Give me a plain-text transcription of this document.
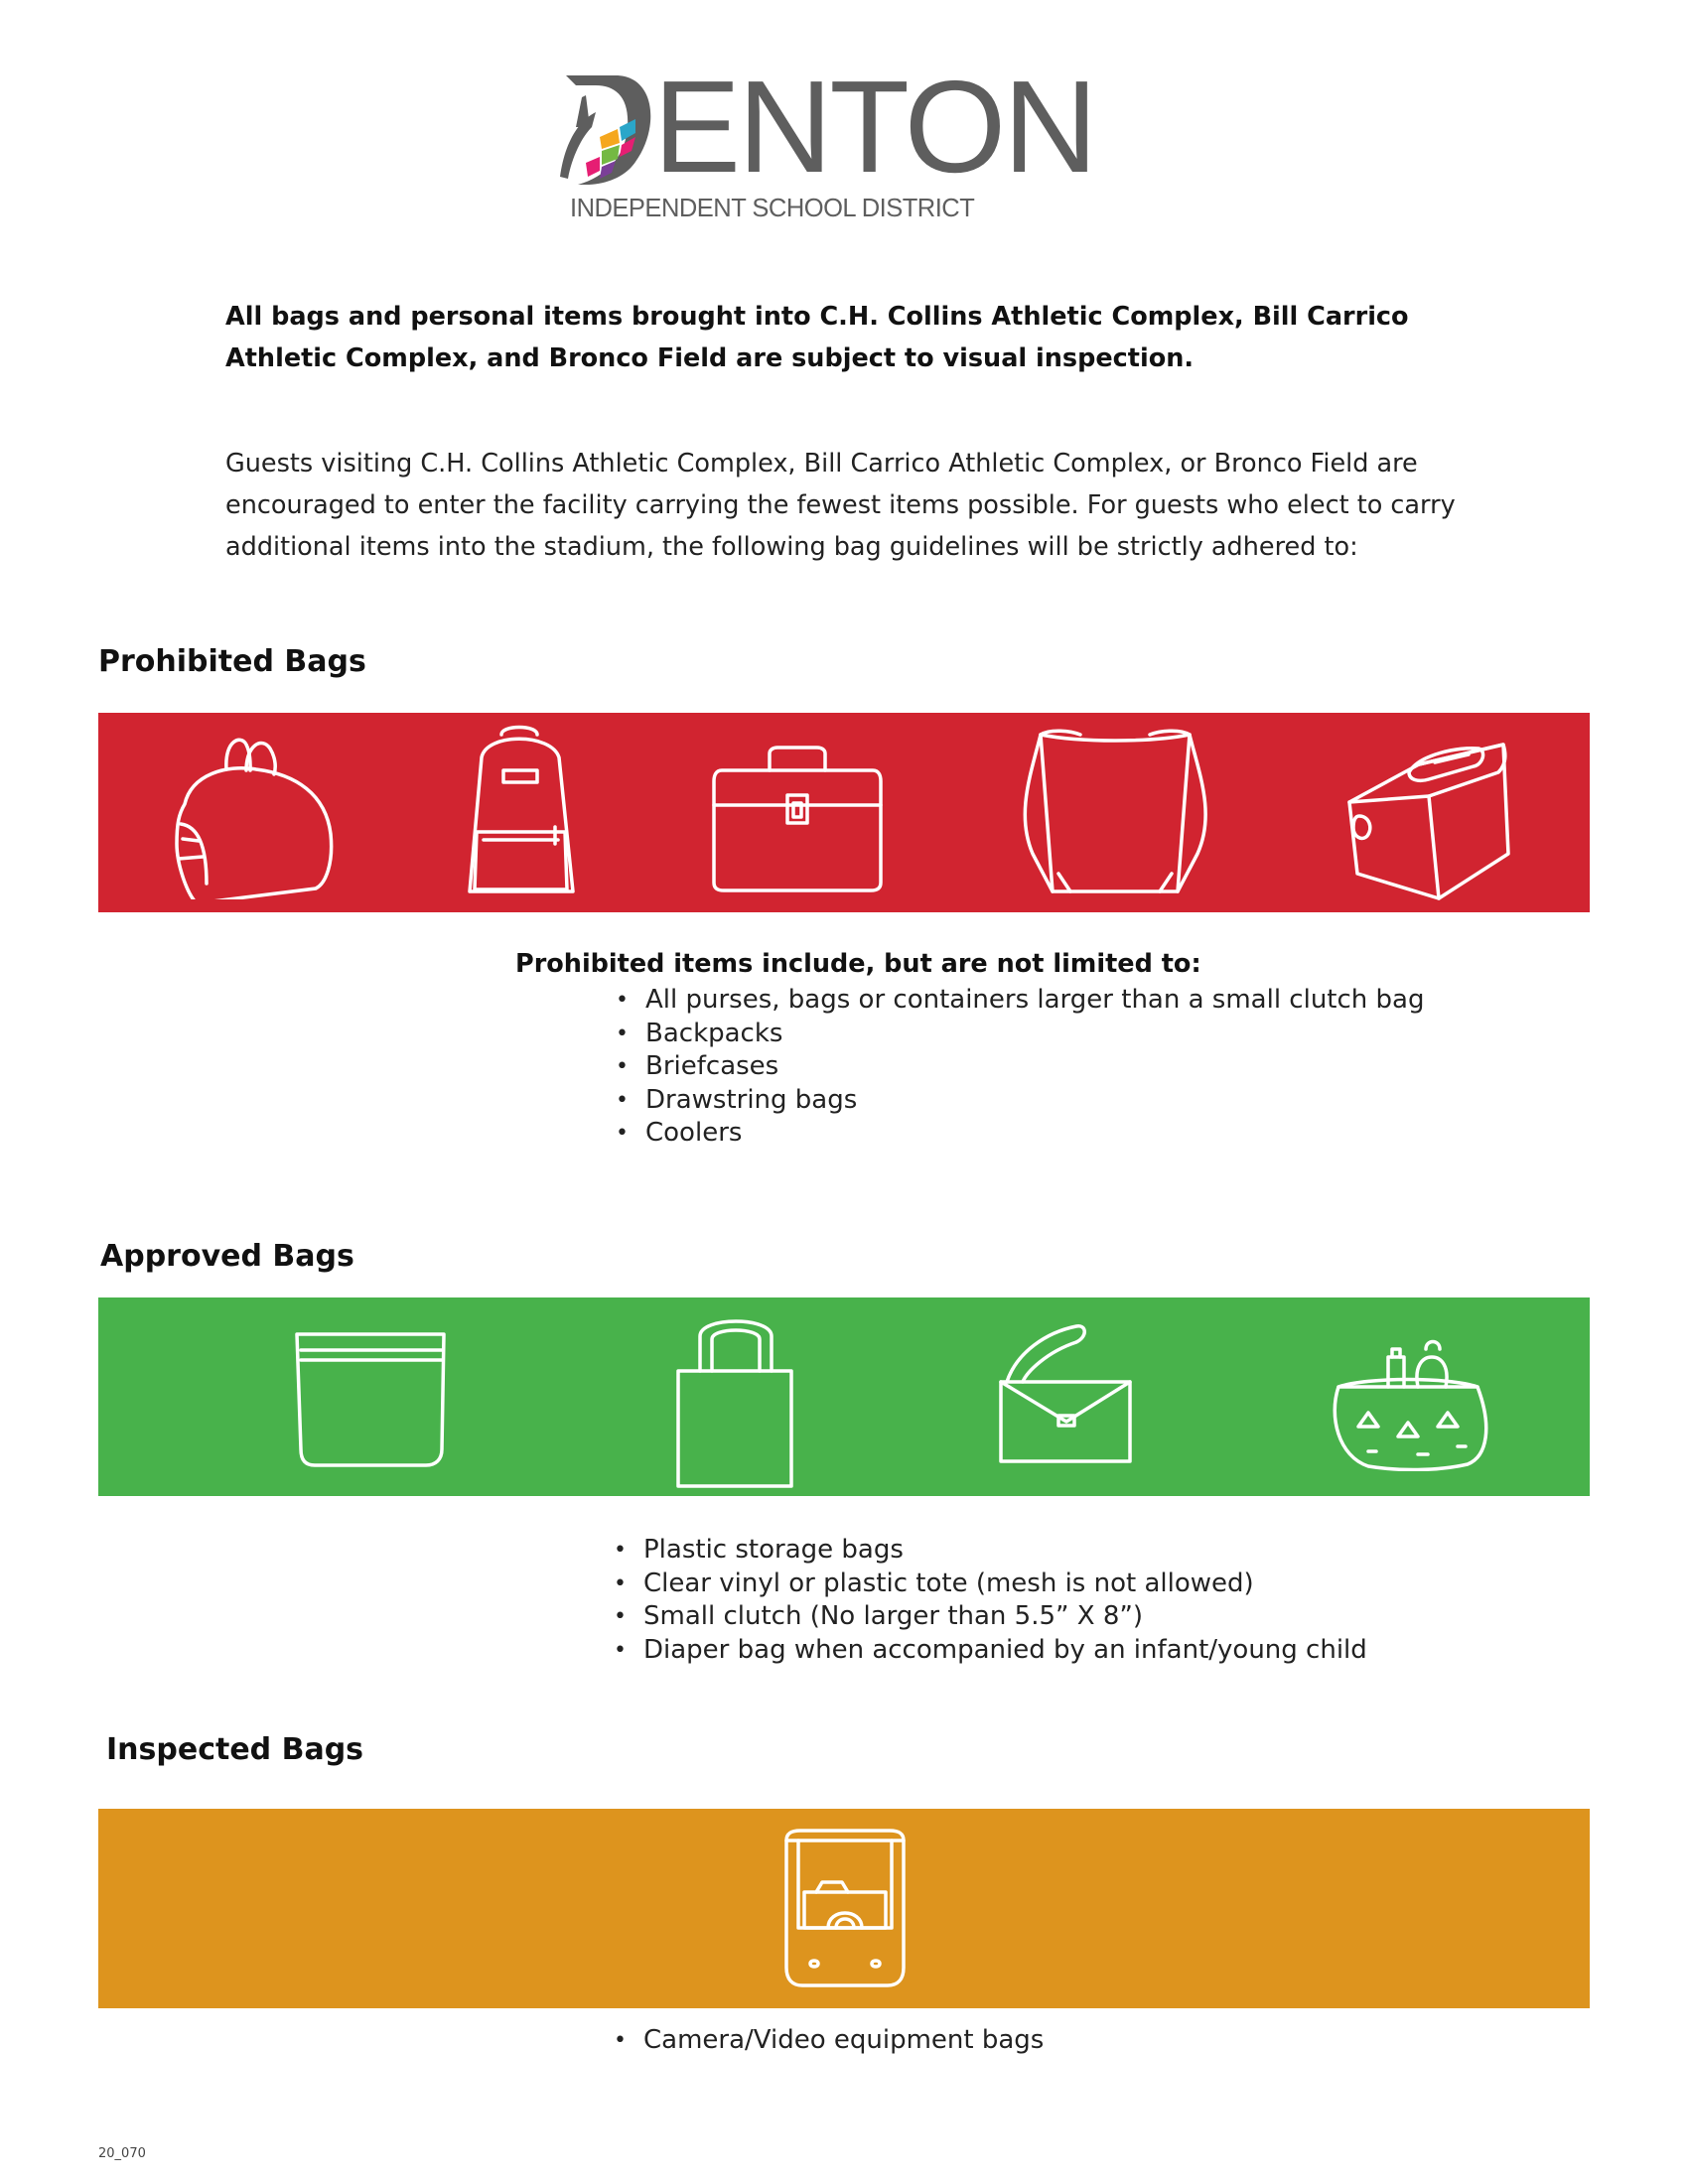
ENTON
INDEPENDENT SCHOOL DISTRICT

All bags and personal items brought into C.H. Collins Athletic Complex, Bill Carrico Athletic Complex, and Bronco Field are subject to visual inspection.

Guests visiting C.H. Collins Athletic Complex, Bill Carrico Athletic Complex, or Bronco Field are encouraged to enter the facility carrying the fewest items possible. For guests who elect to carry additional items into the stadium, the following bag guidelines will be strictly adhered to:

Prohibited Bags

Prohibited items include, but are not limited to:

• All purses, bags or containers larger than a small clutch bag
• Backpacks
• Briefcases
• Drawstring bags
• Coolers
Approved Bags
• Plastic storage bags
• Clear vinyl or plastic tote (mesh is not allowed)
• Small clutch (No larger than 5.5” X 8”)
• Diaper bag when accompanied by an infant/young child
Inspected Bags
• Camera/Video equipment bags
20_070
